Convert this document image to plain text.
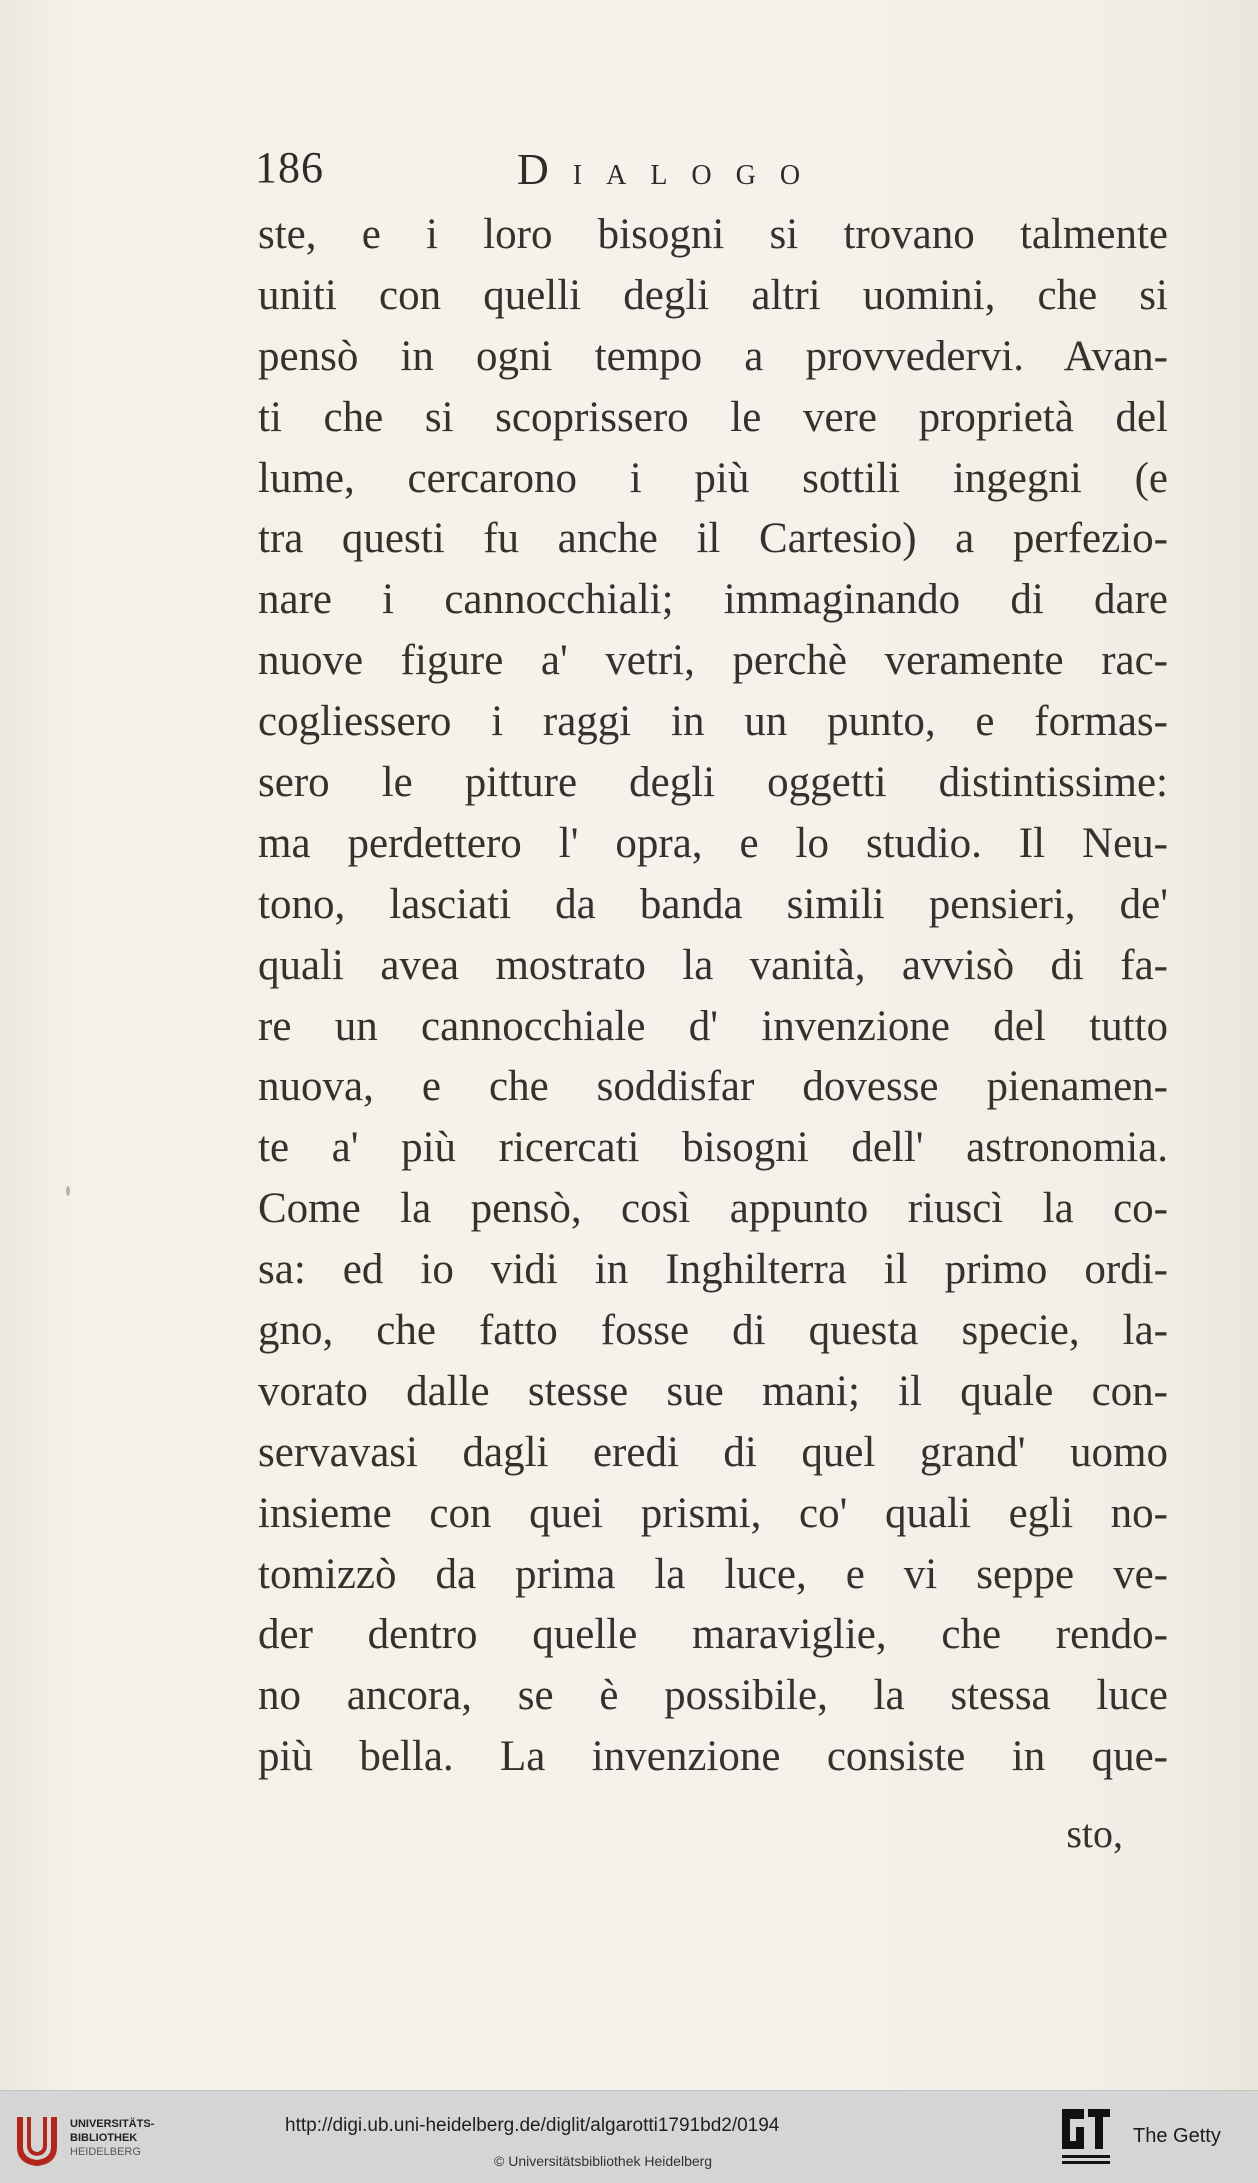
186	DIALOGO
ste, e i loro bisogni si trovano talmente
uniti con quelli degli altri uomini, che si
pensò in ogni tempo a provvedervi. Avan-
ti che si scoprissero le vere proprietà del
lume, cercarono i più sottili ingegni (e
tra questi fu anche il Cartesio) a perfezio-
nare i cannocchiali; immaginando di dare
nuove figure a' vetri, perchè veramente rac-
cogliessero i raggi in un punto, e formas-
sero le pitture degli oggetti distintissime:
ma perdettero l' opra, e lo studio. Il Neu-
tono, lasciati da banda simili pensieri, de'
quali avea mostrato la vanità, avvisò di fa-
re un cannocchiale d' invenzione del tutto
nuova, e che soddisfar dovesse pienamen-
te a' più ricercati bisogni dell' astronomia.
Come la pensò, così appunto riuscì la co-
sa: ed io vidi in Inghilterra il primo ordi-
gno, che fatto fosse di questa specie, la-
vorato dalle stesse sue mani; il quale con-
servavasi dagli eredi di quel grand' uomo
insieme con quei prismi, co' quali egli no-
tomizzò da prima la luce, e vi seppe ve-
der dentro quelle maraviglie, che rendo-
no ancora, se è possibile, la stessa luce
più bella. La invenzione consiste in que-
sto,
UNIVERSITÄTS-
BIBLIOTHEK
HEIDELBERG
http://digi.ub.uni-heidelberg.de/diglit/algarotti1791bd2/0194
© Universitätsbibliothek Heidelberg
The Getty
